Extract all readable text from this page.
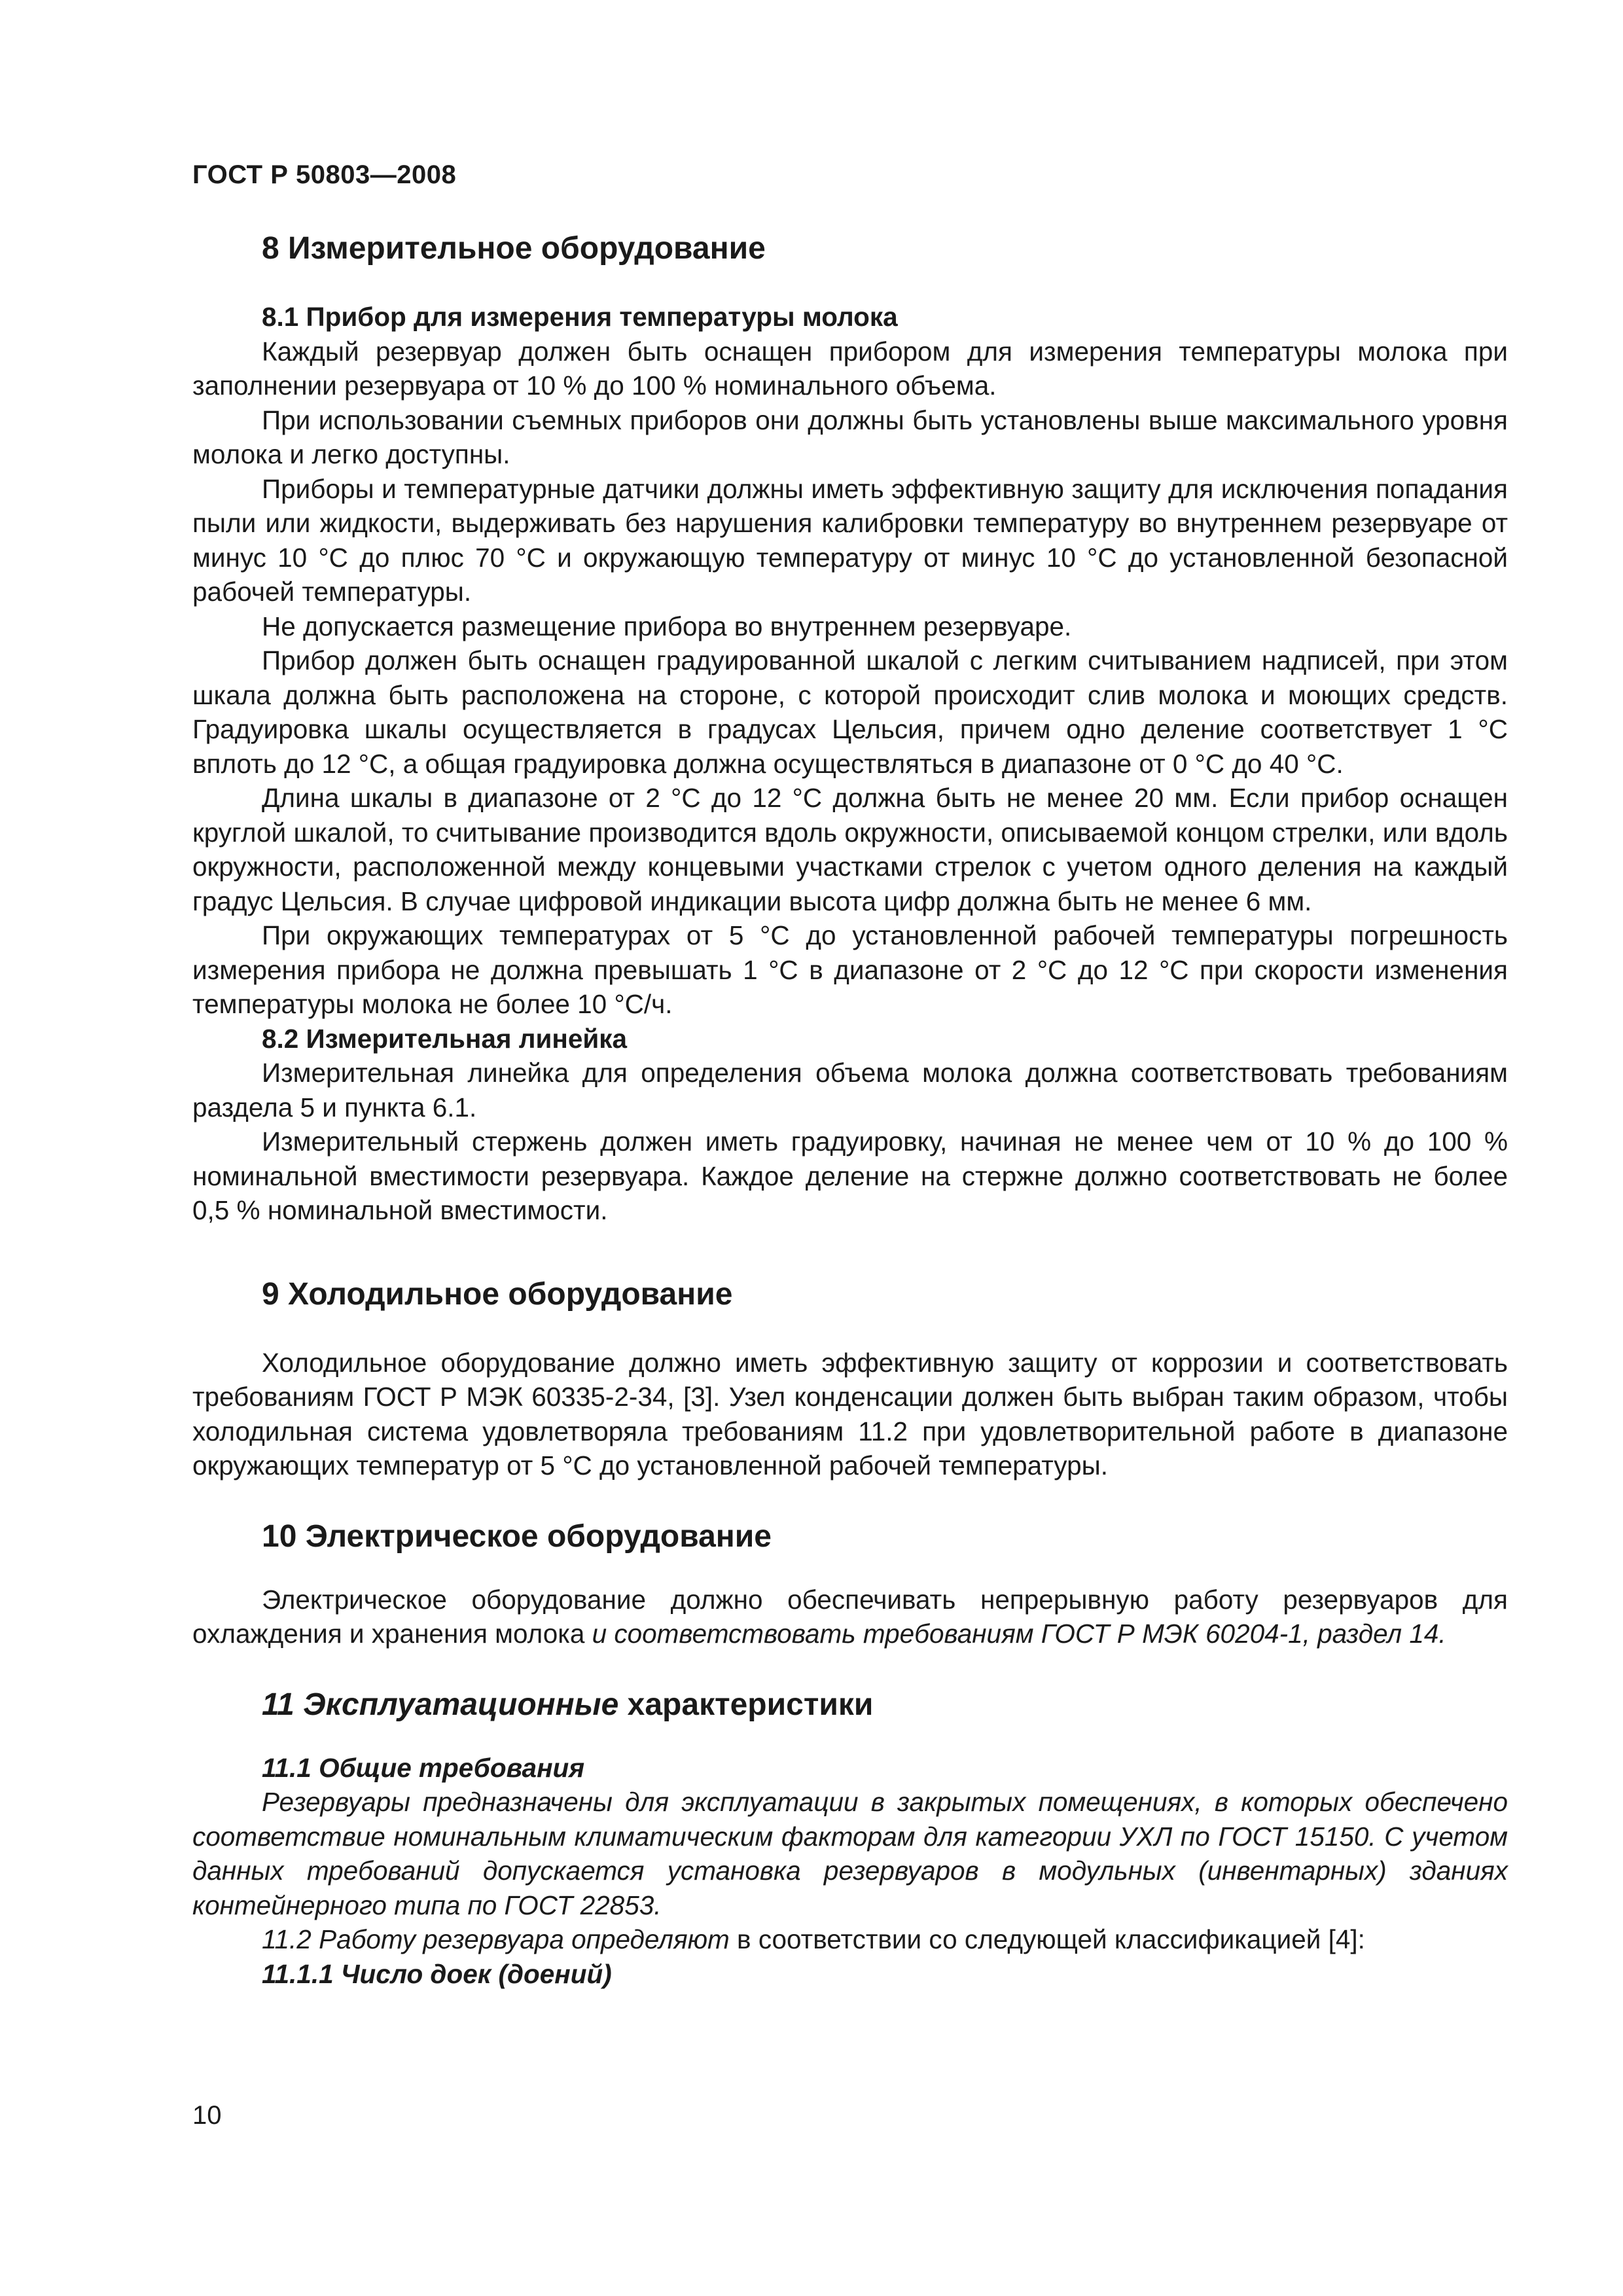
ГОСТ Р 50803—2008
8 Измерительное оборудование
8.1 Прибор для измерения температуры молока

Каждый резервуар должен быть оснащен прибором для измерения температуры молока при заполнении резервуара от 10 % до 100 % номинального объема.

При использовании съемных приборов они должны быть установлены выше максимального уровня молока и легко доступны.

Приборы и температурные датчики должны иметь эффективную защиту для исключения попадания пыли или жидкости, выдерживать без нарушения калибровки температуру во внутреннем резервуаре от минус 10 °C до плюс 70 °C и окружающую температуру от минус 10 °C до установленной безопасной рабочей температуры.

Не допускается размещение прибора во внутреннем резервуаре.

Прибор должен быть оснащен градуированной шкалой с легким считыванием надписей, при этом шкала должна быть расположена на стороне, с которой происходит слив молока и моющих средств. Градуировка шкалы осуществляется в градусах Цельсия, причем одно деление соответствует 1 °C вплоть до 12 °C, а общая градуировка должна осуществляться в диапазоне от 0 °C до 40 °C.

Длина шкалы в диапазоне от 2 °C до 12 °C должна быть не менее 20 мм. Если прибор оснащен круглой шкалой, то считывание производится вдоль окружности, описываемой концом стрелки, или вдоль окружности, расположенной между концевыми участками стрелок с учетом одного деления на каждый градус Цельсия. В случае цифровой индикации высота цифр должна быть не менее 6 мм.

При окружающих температурах от 5 °C до установленной рабочей температуры погрешность измерения прибора не должна превышать 1 °C в диапазоне от 2 °C до 12 °C при скорости изменения температуры молока не более 10 °C/ч.

8.2 Измерительная линейка

Измерительная линейка для определения объема молока должна соответствовать требованиям раздела 5 и пункта 6.1.

Измерительный стержень должен иметь градуировку, начиная не менее чем от 10 % до 100 % номинальной вместимости резервуара. Каждое деление на стержне должно соответствовать не более 0,5 % номинальной вместимости.

9 Холодильное оборудование

Холодильное оборудование должно иметь эффективную защиту от коррозии и соответствовать требованиям ГОСТ Р МЭК 60335-2-34, [3]. Узел конденсации должен быть выбран таким образом, чтобы холодильная система удовлетворяла требованиям 11.2 при удовлетворительной работе в диапазоне окружающих температур от 5 °C до установленной рабочей температуры.

10 Электрическое оборудование

Электрическое оборудование должно обеспечивать непрерывную работу резервуаров для охлаждения и хранения молока и соответствовать требованиям ГОСТ Р МЭК 60204-1, раздел 14.

11 Эксплуатационные характеристики
11.1 Общие требования

Резервуары предназначены для эксплуатации в закрытых помещениях, в которых обеспечено соответствие номинальным климатическим факторам для категории УХЛ по ГОСТ 15150. С учетом данных требований допускается установка резервуаров в модульных (инвентарных) зданиях контейнерного типа по ГОСТ 22853.

11.2 Работу резервуара определяют в соответствии со следующей классификацией [4]:

11.1.1 Число доек (доений)
10
